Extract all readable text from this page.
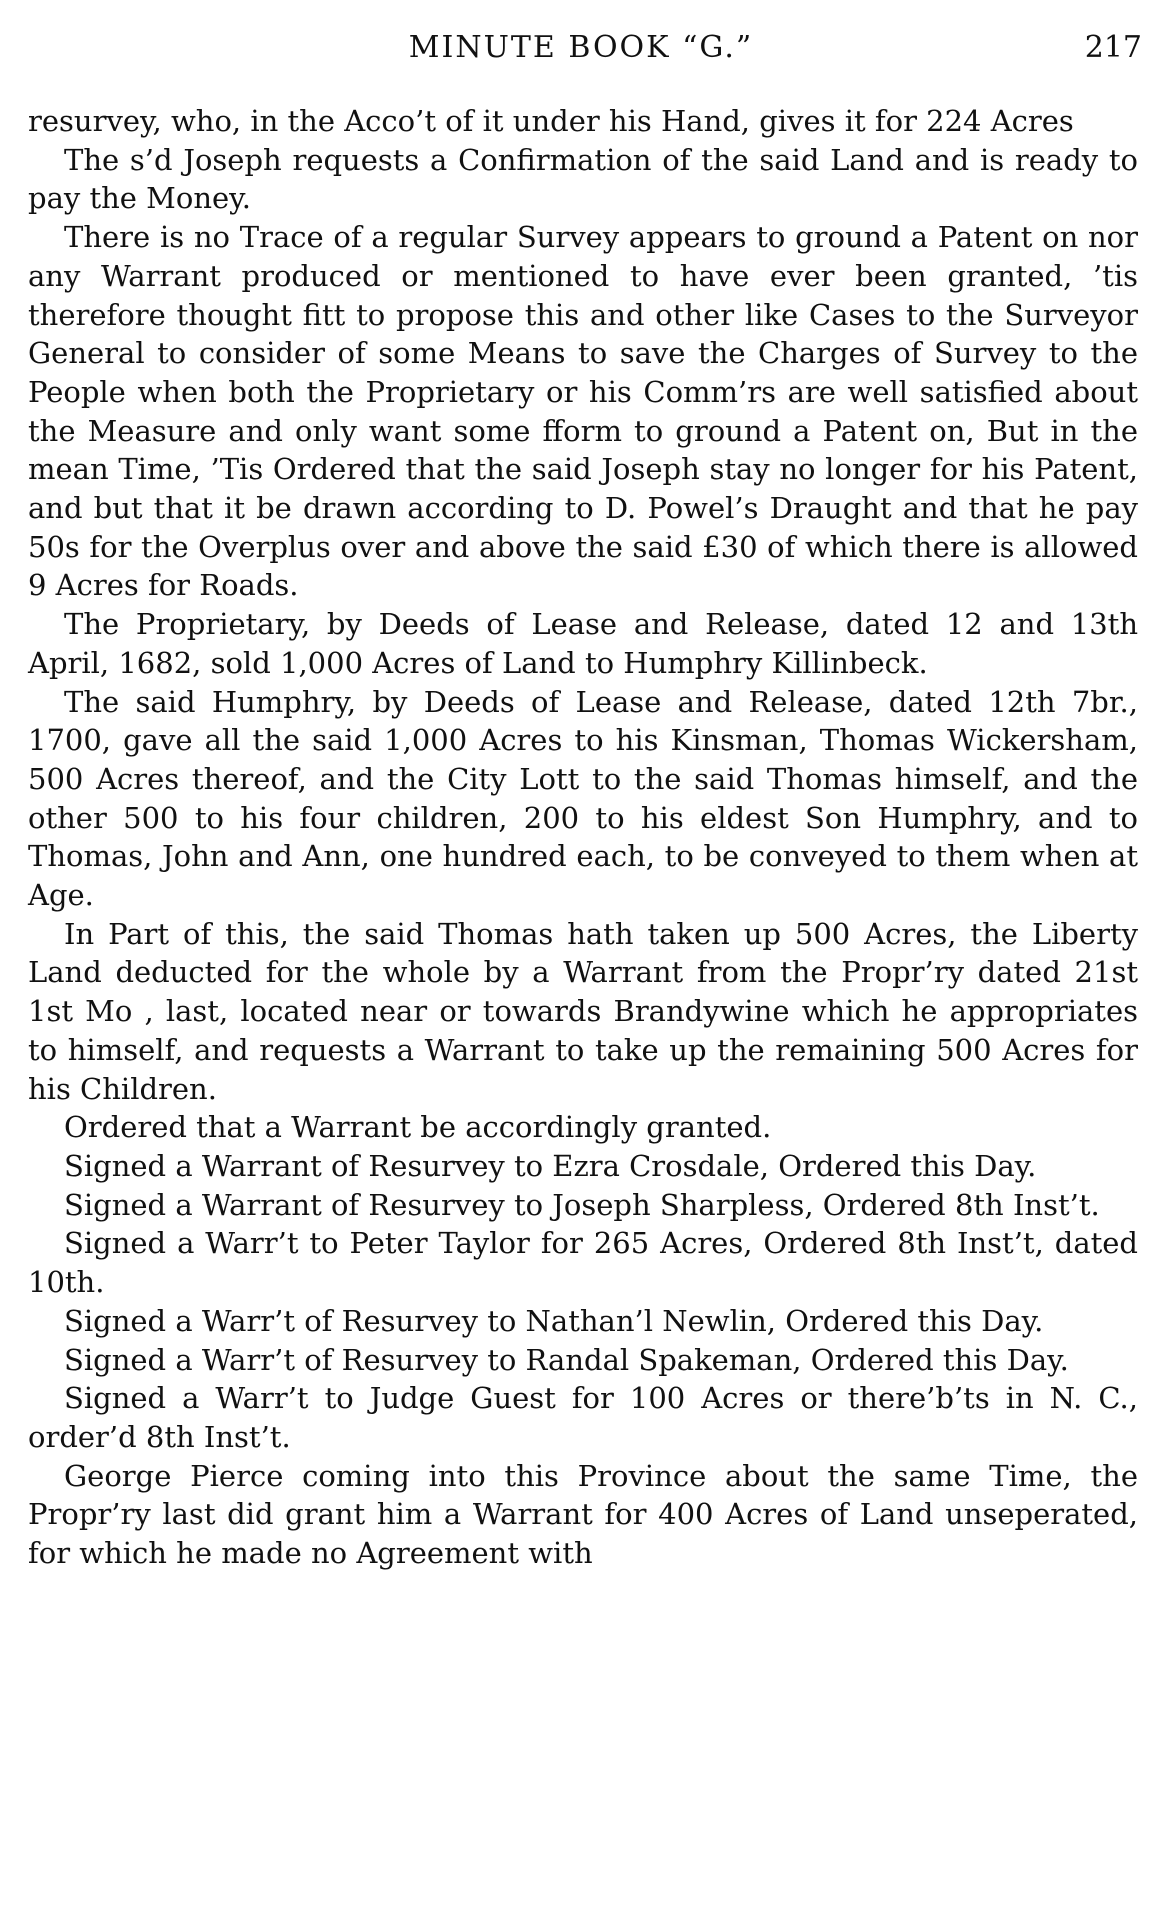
MINUTE BOOK “G.”	217

resurvey, who, in the Acco’t of it under his Hand, gives it for 224 Acres

The s’d Joseph requests a Confirmation of the said Land and is ready to pay the Money.

There is no Trace of a regular Survey appears to ground a Patent on nor any Warrant produced or mentioned to have ever been granted, ’tis therefore thought fitt to propose this and other like Cases to the Surveyor General to consider of some Means to save the Charges of Survey to the People when both the Proprietary or his Comm’rs are well satisfied about the Measure and only want some fform to ground a Patent on, But in the mean Time, ’Tis Ordered that the said Joseph stay no longer for his Patent, and but that it be drawn according to D. Powel’s Draught and that he pay 50s for the Overplus over and above the said £30 of which there is allowed 9 Acres for Roads.

The Proprietary, by Deeds of Lease and Release, dated 12 and 13th April, 1682, sold 1,000 Acres of Land to Humphry Killinbeck.

The said Humphry, by Deeds of Lease and Release, dated 12th 7br., 1700, gave all the said 1,000 Acres to his Kinsman, Thomas Wickersham, 500 Acres thereof, and the City Lott to the said Thomas himself, and the other 500 to his four children, 200 to his eldest Son Humphry, and to Thomas, John and Ann, one hundred each, to be conveyed to them when at Age.

In Part of this, the said Thomas hath taken up 500 Acres, the Liberty Land deducted for the whole by a Warrant from the Propr’ry dated 21st 1st Mo , last, located near or towards Brandywine which he appropriates to himself, and requests a Warrant to take up the remaining 500 Acres for his Children.

Ordered that a Warrant be accordingly granted.

Signed a Warrant of Resurvey to Ezra Crosdale, Ordered this Day.

Signed a Warrant of Resurvey to Joseph Sharpless, Ordered 8th Inst’t.

Signed a Warr’t to Peter Taylor for 265 Acres, Ordered 8th Inst’t, dated 10th.

Signed a Warr’t of Resurvey to Nathan’l Newlin, Ordered this Day.

Signed a Warr’t of Resurvey to Randal Spakeman, Ordered this Day.

Signed a Warr’t to Judge Guest for 100 Acres or there’b’ts in N. C., order’d 8th Inst’t.

George Pierce coming into this Province about the same Time, the Propr’ry last did grant him a Warrant for 400 Acres of Land unseperated, for which he made no Agreement with
